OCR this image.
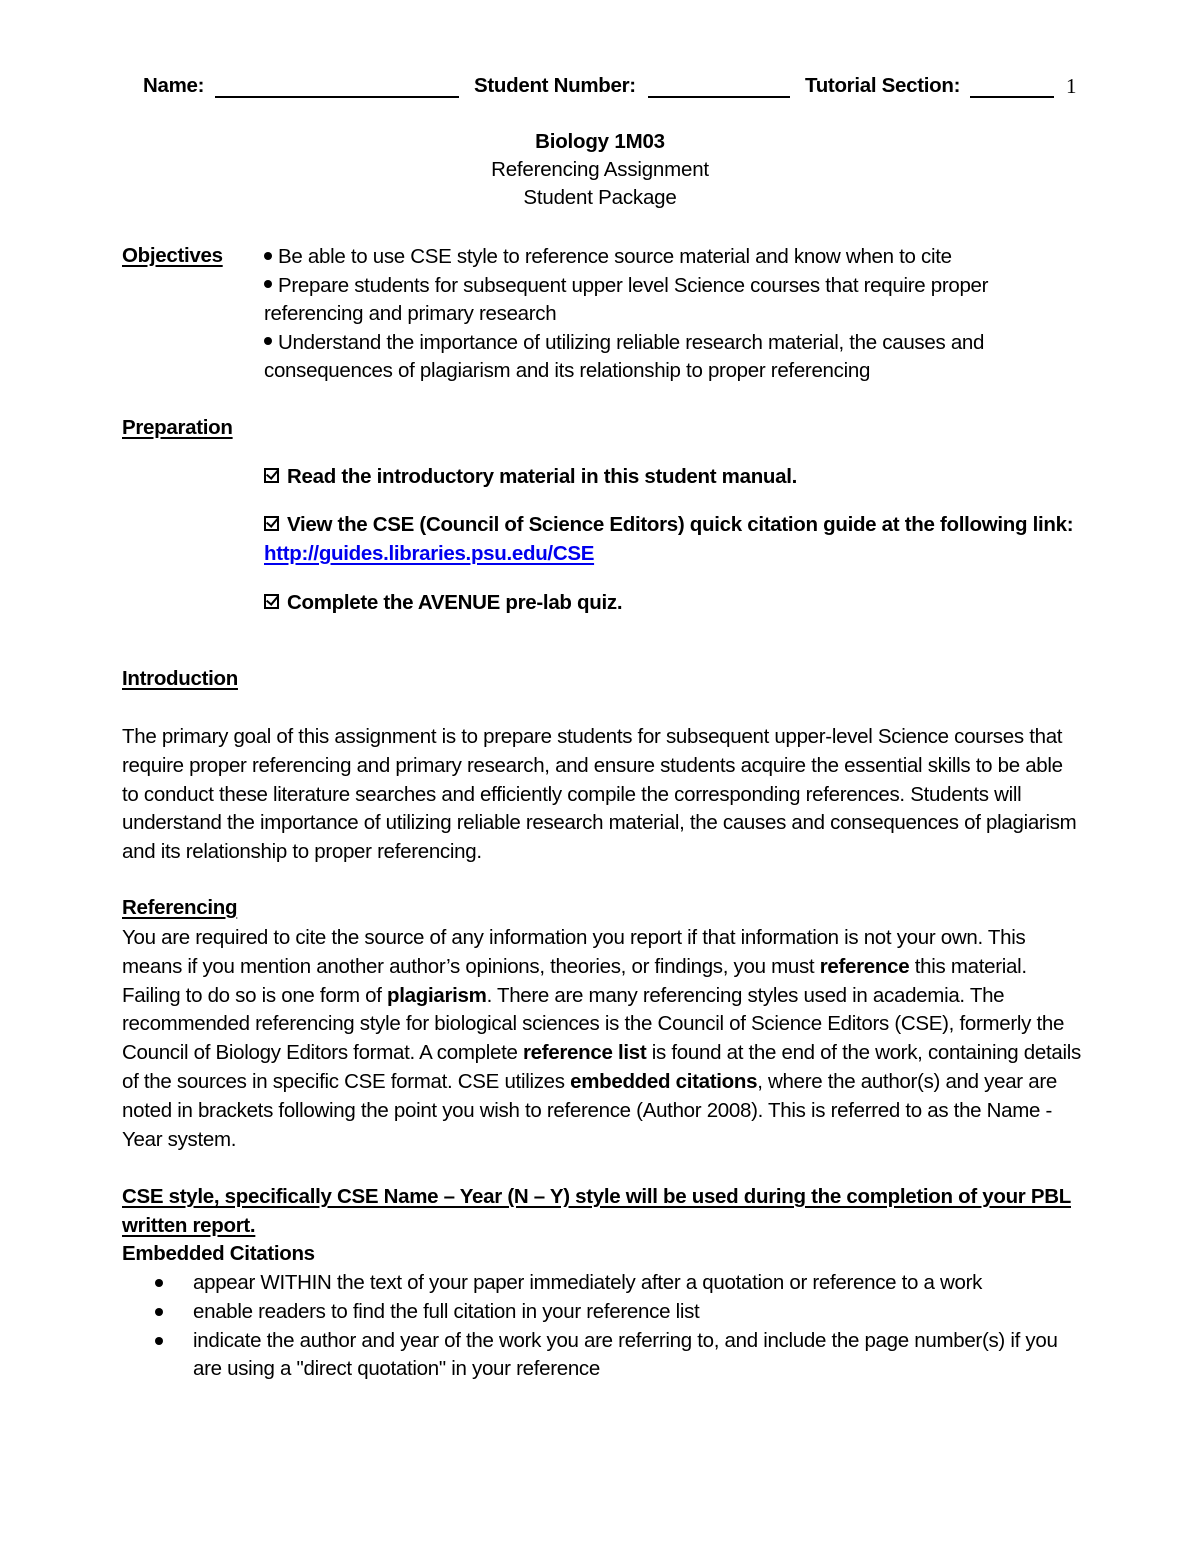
Name:	Student Number:	Tutorial Section:	1
Biology 1M03
Referencing Assignment
Student Package
Objectives	Be able to use CSE style to reference source material and know when to cite
Prepare students for subsequent upper level Science courses that require proper referencing and primary research
Understand the importance of utilizing reliable research material, the causes and consequences of plagiarism and its relationship to proper referencing
Preparation
Read the introductory material in this student manual.
View the CSE (Council of Science Editors) quick citation guide at the following link: http://guides.libraries.psu.edu/CSE
Complete the AVENUE pre-lab quiz.
Introduction
The primary goal of this assignment is to prepare students for subsequent upper-level Science courses that require proper referencing and primary research, and ensure students acquire the essential skills to be able to conduct these literature searches and efficiently compile the corresponding references. Students will understand the importance of utilizing reliable research material, the causes and consequences of plagiarism and its relationship to proper referencing.
Referencing
You are required to cite the source of any information you report if that information is not your own. This means if you mention another author’s opinions, theories, or findings, you must reference this material. Failing to do so is one form of plagiarism. There are many referencing styles used in academia. The recommended referencing style for biological sciences is the Council of Science Editors (CSE), formerly the Council of Biology Editors format. A complete reference list is found at the end of the work, containing details of the sources in specific CSE format. CSE utilizes embedded citations, where the author(s) and year are noted in brackets following the point you wish to reference (Author 2008). This is referred to as the Name - Year system.
CSE style, specifically CSE Name – Year (N – Y) style will be used during the completion of your PBL written report.
Embedded Citations
appear WITHIN the text of your paper immediately after a quotation or reference to a work
enable readers to find the full citation in your reference list
indicate the author and year of the work you are referring to, and include the page number(s) if you are using a "direct quotation" in your reference
